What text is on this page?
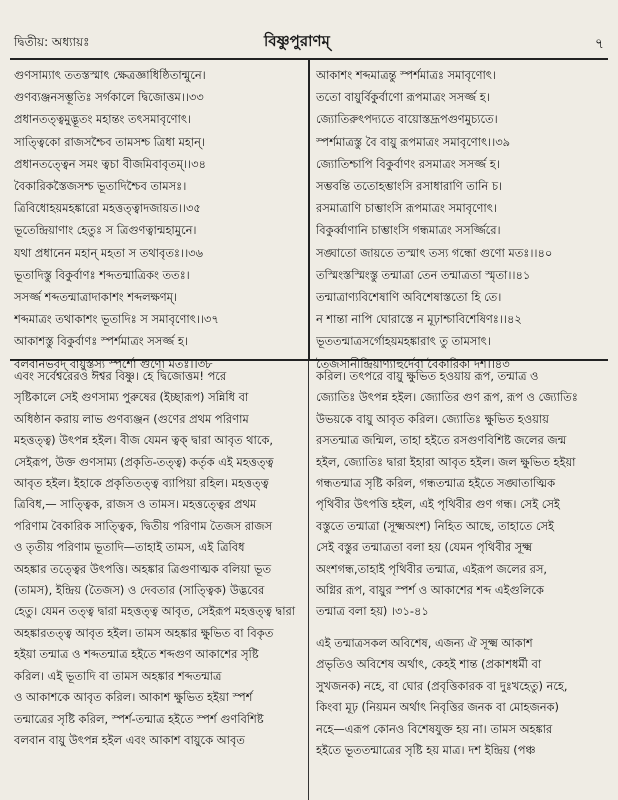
দ্বিতীয়: অধ্যায়ঃ	বিষ্ণুপুরাণম্	৭
গুণসাম্যাৎ ততস্তস্মাৎ ক্ষেত্রজ্ঞাধিষ্ঠিতান্মুনে।
গুণব্যঞ্জনসম্ভূতিঃ সর্গকালে দ্বিজোত্তম।।৩৩
প্রধানতত্ত্বমুদ্ভূতং মহান্তং তৎসমাবৃণোৎ।
সাত্ত্বিকো রাজসশ্চৈব তামসশ্চ ত্রিধা মহান্।
প্রধানতত্ত্বেন সমং ত্বচা বীজমিবাবৃতম্।।৩৪
বৈকারিকস্তৈজসশ্চ ভূতাদিশ্চৈব তামসঃ।
ত্রিবিধোহয়মহঙ্কারো মহত্তত্ত্বাদজায়ত।।৩৫
ভূতেন্দ্রিয়াণাং হেতুঃ স ত্রিগুণত্বান্মহামুনে।
যথা প্রধানেন মহান্ মহতা স তথাবৃতঃ।।৩৬
ভূতাদিস্তু বিকুর্বাণঃ শব্দতন্মাত্রিকং ততঃ।
সসর্জ্জ শব্দতন্মাত্রাদাকাশং শব্দলক্ষণম্।
শব্দমাত্রং তথাকাশং ভূতাদিঃ স সমাবৃণোৎ।।৩৭
আকাশস্তু বিকুর্বাণঃ স্পর্শমাত্রং সসর্জ্জ হ।
বলবানভবদ্ বায়ুস্তস্য স্পর্শো গুণো মতঃ।।৩৮
আকাশং শব্দমাত্রন্তু স্পর্শমাত্রঃ সমাবৃণোৎ।
ততো বায়ুর্বিকুর্বাণো রূপমাত্রং সসর্জ্জ হ।
জ্যোতিরুৎপদ্যতে বায়োস্তদ্রূপগুণমুচ্যতে।
স্পর্শমাত্রস্তু বৈ বায়ু রূপমাত্রং সমাবৃণোৎ।।৩৯
জ্যোতিশ্চাপি বিকুর্বাণং রসমাত্রং সসর্জ্জ হ।
সম্ভবন্তি ততোহম্ভাংসি রসাধারাণি তানি চ।
রসমাত্রাণি চাম্ভাংসি রূপমাত্রং সমাবৃণোৎ।
বিকুর্ব্বাণানি চাম্ভাংসি গন্ধমাত্রং সসর্জ্জিরে।
সঙ্ঘাতো জায়তে তস্মাৎ তস্য গন্ধো গুণো মতঃ।।৪০
তস্মিংস্তস্মিংস্তু তন্মাত্রা তেন তন্মাত্রতা স্মৃতা।।৪১
তন্মাত্রাণ্যবিশেষাণি অবিশেষাস্ততো হি তে।
ন শান্তা নাপি ঘোরাস্তে ন মূঢ়াশ্চাবিশেষিণঃ।।৪২
ভূততন্মাত্রসর্গোহয়মহঙ্কারাৎ তু তামসাৎ।
তৈজসানীন্দ্রিয়াণ্যাহুর্দেবা বৈকারিকা দশ।।৪৩
এবং সর্বেশ্বরেরও ঈশ্বর বিষ্ণু। হে দ্বিজোত্তম! পরে
সৃষ্টিকালে সেই গুণসাম্য পুরুষের (ইচ্ছারূপ) সন্নিধি বা
অধিষ্ঠান করায় লাভ গুণব্যঞ্জন (গুণের প্রথম পরিণাম
মহত্তত্ত্ব) উৎপন্ন হইল। বীজ যেমন ত্বক্ দ্বারা আবৃত থাকে,
সেইরূপ, উক্ত গুণসাম্য (প্রকৃতি-তত্ত্ব) কর্তৃক এই মহত্তত্ত্ব
আবৃত হইল। ইহাকে প্রকৃতিতত্ত্ব ব্যাপিয়া রহিল। মহত্তত্ত্ব
ত্রিবিধ,— সাত্ত্বিক, রাজস ও তামস। মহত্তত্ত্বের প্রথম
পরিণাম বৈকারিক সাত্ত্বিক, দ্বিতীয় পরিণাম তৈজস রাজস
ও তৃতীয় পরিণাম ভূতাদি—তাহাই তামস, এই ত্রিবিধ
অহঙ্কার তত্ত্বের উৎপত্তি। অহঙ্কার ত্রিগুণাত্মক বলিয়া ভূত
(তামস), ইন্দ্রিয় (তৈজস) ও দেবতার (সাত্ত্বিক) উদ্ভবের
হেতু। যেমন তত্ত্ব দ্বারা মহত্তত্ত্ব আবৃত, সেইরূপ মহত্তত্ত্ব দ্বারা
অহঙ্কারতত্ত্ব আবৃত হইল। তামস অহঙ্কার ক্ষুভিত বা বিকৃত
হইয়া তন্মাত্র ও শব্দতন্মাত্র হইতে শব্দগুণ আকাশের সৃষ্টি
করিল। এই ভূতাদি বা তামস অহঙ্কার শব্দতন্মাত্র
ও আকাশকে আবৃত করিল। আকাশ ক্ষুভিত হইয়া স্পর্শ
তন্মাত্রের সৃষ্টি করিল, স্পর্শ-তন্মাত্র হইতে স্পর্শ গুণবিশিষ্ট
বলবান বায়ু উৎপন্ন হইল এবং আকাশ বায়ুকে আবৃত
করিল। তৎপরে বায়ু ক্ষুভিত হওয়ায় রূপ, তন্মাত্র ও
জ্যোতিঃ উৎপন্ন হইল। জ্যোতির গুণ রূপ, রূপ ও জ্যোতিঃ
উভয়কে বায়ু আবৃত করিল। জ্যোতিঃ ক্ষুভিত হওয়ায়
রসতন্মাত্র জন্মিল, তাহা হইতে রসগুণবিশিষ্ট জলের জন্ম
হইল, জ্যোতিঃ দ্বারা ইহারা আবৃত হইল। জল ক্ষুভিত হইয়া
গন্ধতন্মাত্র সৃষ্টি করিল, গন্ধতন্মাত্র হইতে সঙ্ঘাতাত্মিক
পৃথিবীর উৎপত্তি হইল, এই পৃথিবীর গুণ গন্ধ। সেই সেই
বস্তুতে তন্মাত্রা (সূক্ষ্মঅংশ) নিহিত আছে, তাহাতে সেই
সেই বস্তুর তন্মাত্রতা বলা হয় (যেমন পৃথিবীর সূক্ষ্ম
অংশগন্ধ,তাহাই পৃথিবীর তন্মাত্র, এইরূপ জলের রস,
অগ্নির রূপ, বায়ুর স্পর্শ ও আকাশের শব্দ এইগুলিকে
তন্মাত্র বলা হয়) ।৩১-৪১
এই তন্মাত্রসকল অবিশেষ, এজন্য ঐ সূক্ষ্ম আকাশ
প্রভৃতিও অবিশেষ অর্থাৎ, কেহই শান্ত (প্রকাশধর্মী বা
সুখজনক) নহে, বা ঘোর (প্রবৃত্তিকারক বা দুঃখহেতু) নহে,
কিংবা মূঢ় (নিয়মন অর্থাৎ নিবৃত্তির জনক বা মোহজনক)
নহে—এরূপ কোনও বিশেষযুক্ত হয় না। তামস অহঙ্কার
হইতে ভূততন্মাত্রের সৃষ্টি হয় মাত্র। দশ ইন্দ্রিয় (পঞ্চ
